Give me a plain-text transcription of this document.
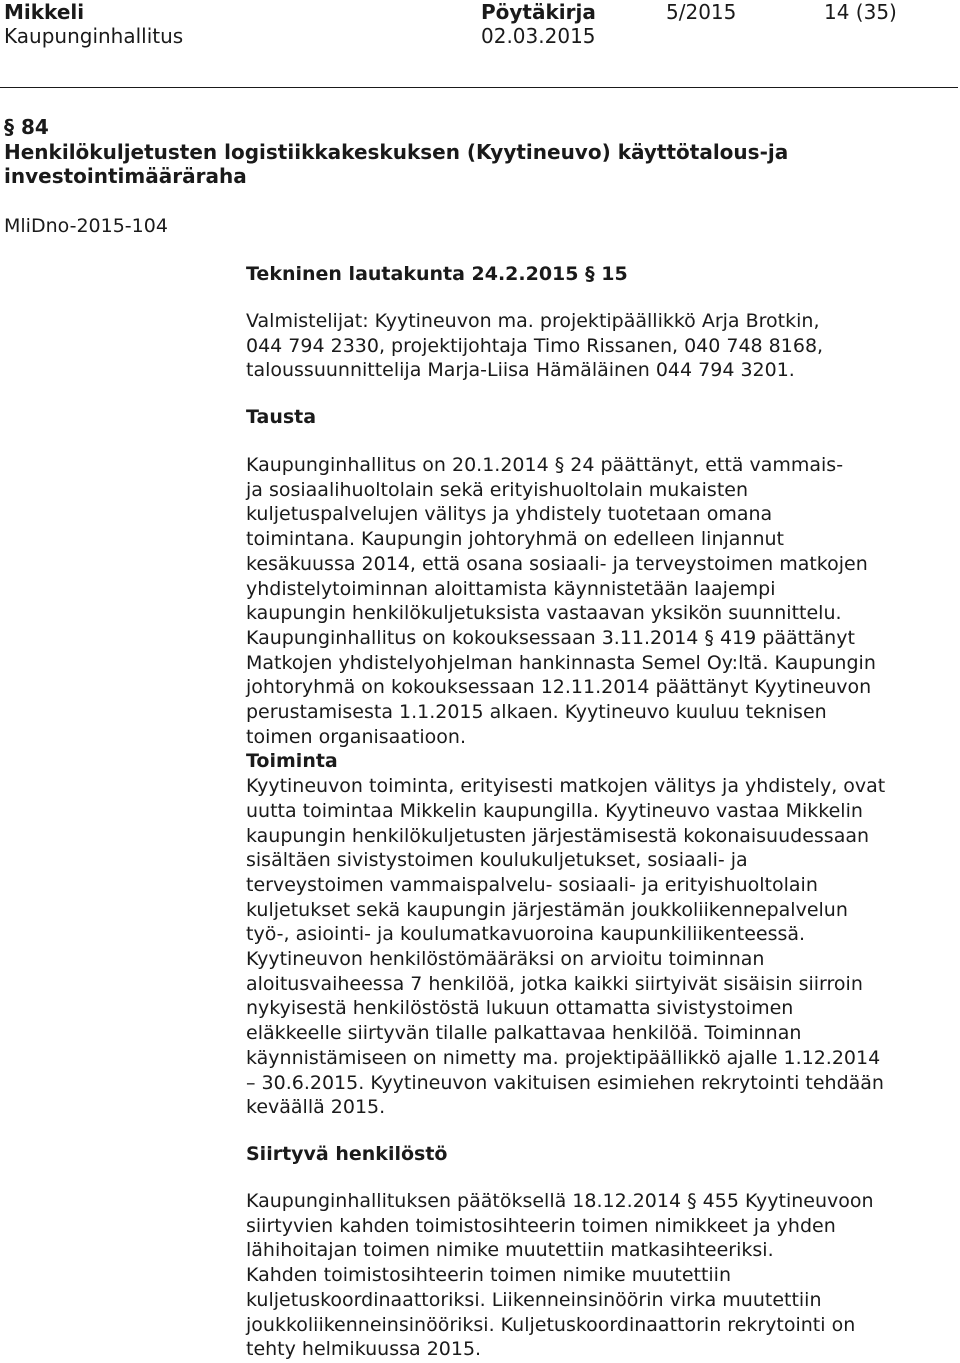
Mikkeli
Kaupunginhallitus
Pöytäkirja
02.03.2015
5/2015	14 (35)
§ 84
Henkilökuljetusten logistiikkakeskuksen (Kyytineuvo) käyttötalous-ja
investointimääräraha
MliDno-2015-104
Tekninen lautakunta 24.2.2015 § 15
Valmistelijat: Kyytineuvon ma. projektipäällikkö Arja Brotkin,
044 794 2330, projektijohtaja Timo Rissanen, 040 748 8168,
taloussuunnittelija Marja-Liisa Hämäläinen 044 794 3201.
Tausta
Kaupunginhallitus on 20.1.2014 § 24 päättänyt, että vammais-
ja sosiaalihuoltolain sekä erityishuoltolain mukaisten
kuljetuspalvelujen välitys ja yhdistely tuotetaan omana
toimintana. Kaupungin johtoryhmä on edelleen linjannut
kesäkuussa 2014, että osana sosiaali- ja terveystoimen matkojen
yhdistelytoiminnan aloittamista käynnistetään laajempi
kaupungin henkilökuljetuksista vastaavan yksikön suunnittelu.
Kaupunginhallitus on kokouksessaan 3.11.2014 § 419 päättänyt
Matkojen yhdistelyohjelman hankinnasta Semel Oy:ltä. Kaupungin
johtoryhmä on kokouksessaan 12.11.2014 päättänyt Kyytineuvon
perustamisesta 1.1.2015 alkaen. Kyytineuvo kuuluu teknisen
toimen organisaatioon.
Toiminta
Kyytineuvon toiminta, erityisesti matkojen välitys ja yhdistely, ovat
uutta toimintaa Mikkelin kaupungilla. Kyytineuvo vastaa Mikkelin
kaupungin henkilökuljetusten järjestämisestä kokonaisuudessaan
sisältäen sivistystoimen koulukuljetukset, sosiaali- ja
terveystoimen vammaispalvelu- sosiaali- ja erityishuoltolain
kuljetukset sekä kaupungin järjestämän joukkoliikennepalvelun
työ-, asiointi- ja koulumatkavuoroina kaupunkiliikenteessä.
Kyytineuvon henkilöstömääräksi on arvioitu toiminnan
aloitusvaiheessa 7 henkilöä, jotka kaikki siirtyivät sisäisin siirroin
nykyisestä henkilöstöstä lukuun ottamatta sivistystoimen
eläkkeelle siirtyvän tilalle palkattavaa henkilöä. Toiminnan
käynnistämiseen on nimetty ma. projektipäällikkö ajalle 1.12.2014
– 30.6.2015. Kyytineuvon vakituisen esimiehen rekrytointi tehdään
keväällä 2015.
Siirtyvä henkilöstö
Kaupunginhallituksen päätöksellä 18.12.2014 § 455 Kyytineuvoon
siirtyvien kahden toimistosihteerin toimen nimikkeet ja yhden
lähihoitajan toimen nimike muutettiin matkasihteeriksi.
Kahden toimistosihteerin toimen nimike muutettiin
kuljetuskoordinaattoriksi. Liikenneinsinöörin virka muutettiin
joukkoliikenneinsinööriksi. Kuljetuskoordinaattorin rekrytointi on
tehty helmikuussa 2015.
